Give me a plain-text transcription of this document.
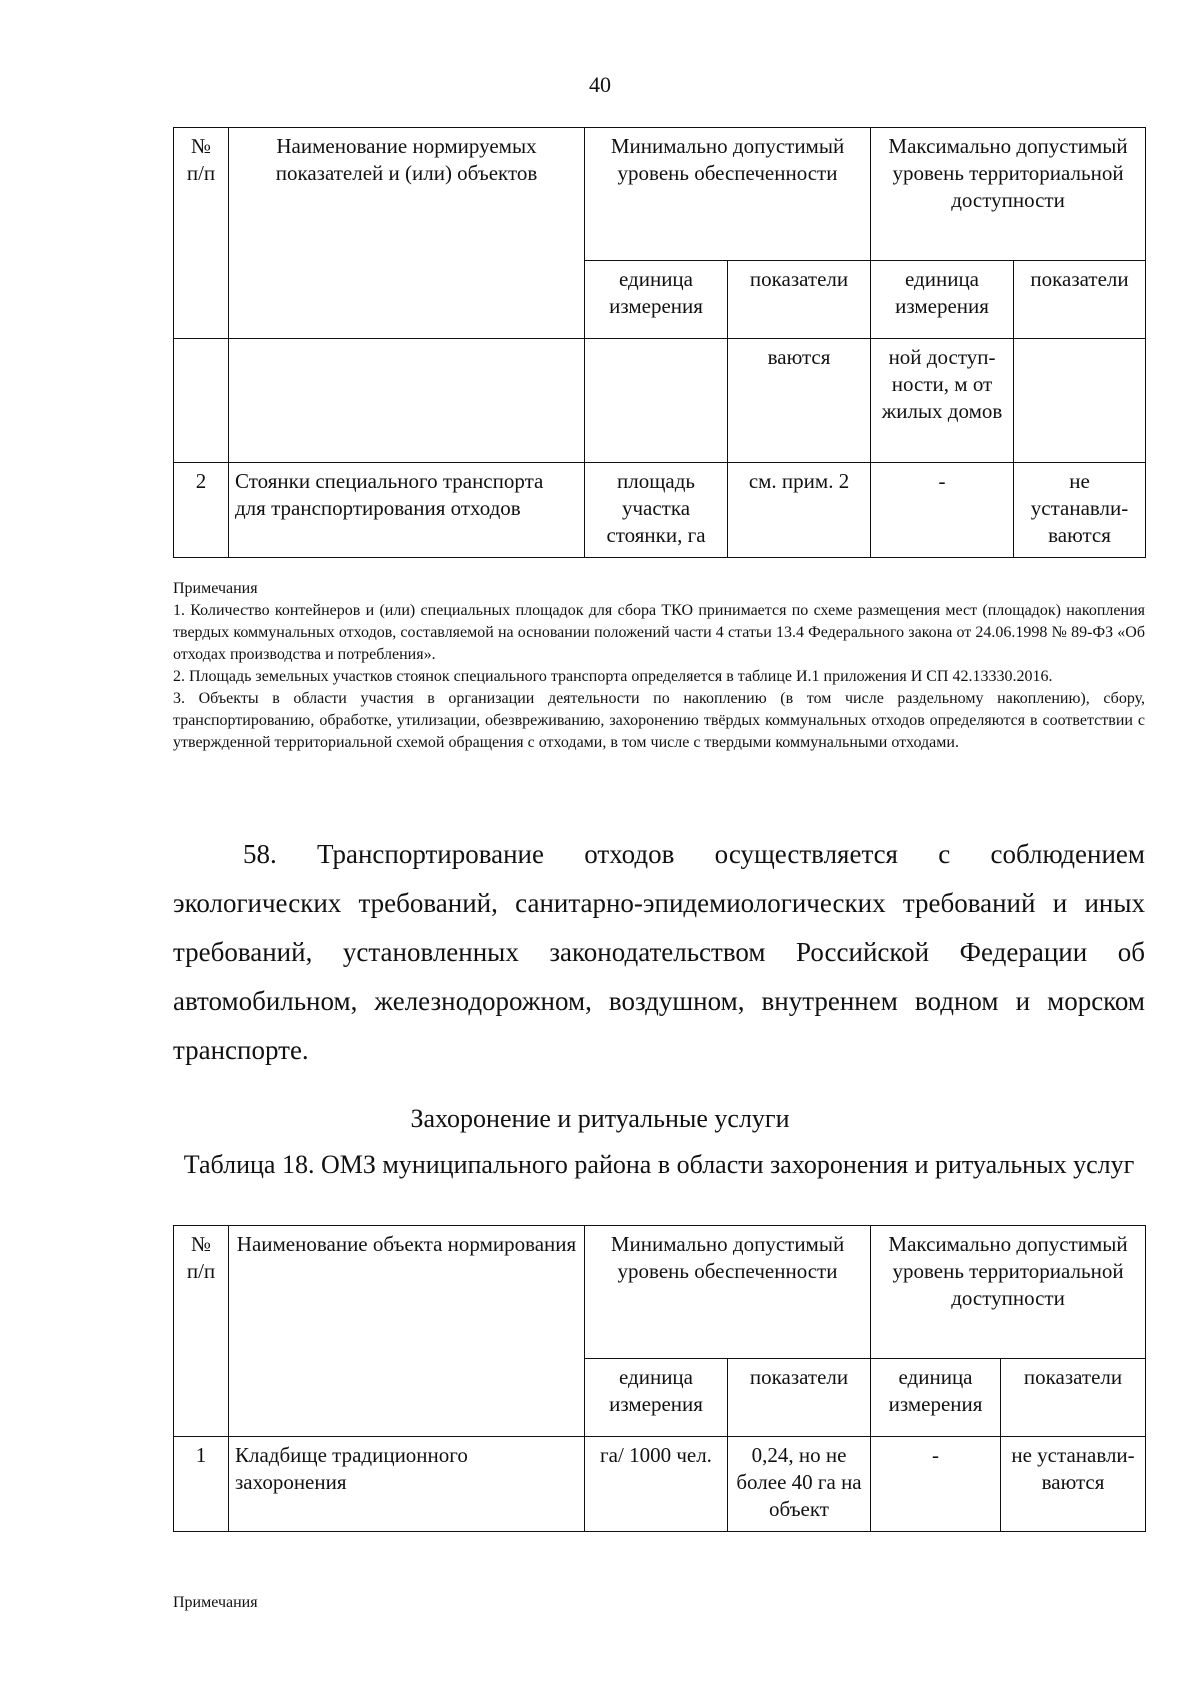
40
№ п/п	Наименование нормируемых показателей и (или) объектов	Минимально допустимый уровень обеспеченности		Максимально допустимый уровень территориальной доступности	
		единица измерения	показатели	единица измерения	показатели
			ваются	ной доступ-ности, м от жилых домов	
2	Стоянки специального транспорта для транспортирования отходов	площадь участка стоянки, га	см. прим. 2	-	не устанавли-ваются

Примечания

1. Количество контейнеров и (или) специальных площадок для сбора ТКО принимается по схеме размещения мест (площадок) накопления твердых коммунальных отходов, составляемой на основании положений части 4 статьи 13.4 Федерального закона от 24.06.1998 № 89-ФЗ «Об отходах производства и потребления».

2. Площадь земельных участков стоянок специального транспорта определяется в таблице И.1 приложения И СП 42.13330.2016.

3. Объекты в области участия в организации деятельности по накоплению (в том числе раздельному накоплению), сбору, транспортированию, обработке, утилизации, обезвреживанию, захоронению твёрдых коммунальных отходов определяются в соответствии с утвержденной территориальной схемой обращения с отходами, в том числе с твердыми коммунальными отходами.

58. Транспортирование отходов осуществляется с соблюдением экологических требований, санитарно-эпидемиологических требований и иных требований, установленных законодательством Российской Федерации об автомобильном, железнодорожном, воздушном, внутреннем водном и морском транспорте.

Захоронение и ритуальные услуги
Таблица 18. ОМЗ муниципального района в области захоронения и ритуальных услуг
№ п/п	Наименование объекта нормирования	Минимально допустимый уровень обеспеченности		Максимально допустимый уровень территориальной доступности	
		единица измерения	показатели	единица измерения	показатели
1	Кладбище традиционного захоронения	га/ 1000 чел.	0,24, но не более 40 га на объект	-	не устанавли-ваются

Примечания
